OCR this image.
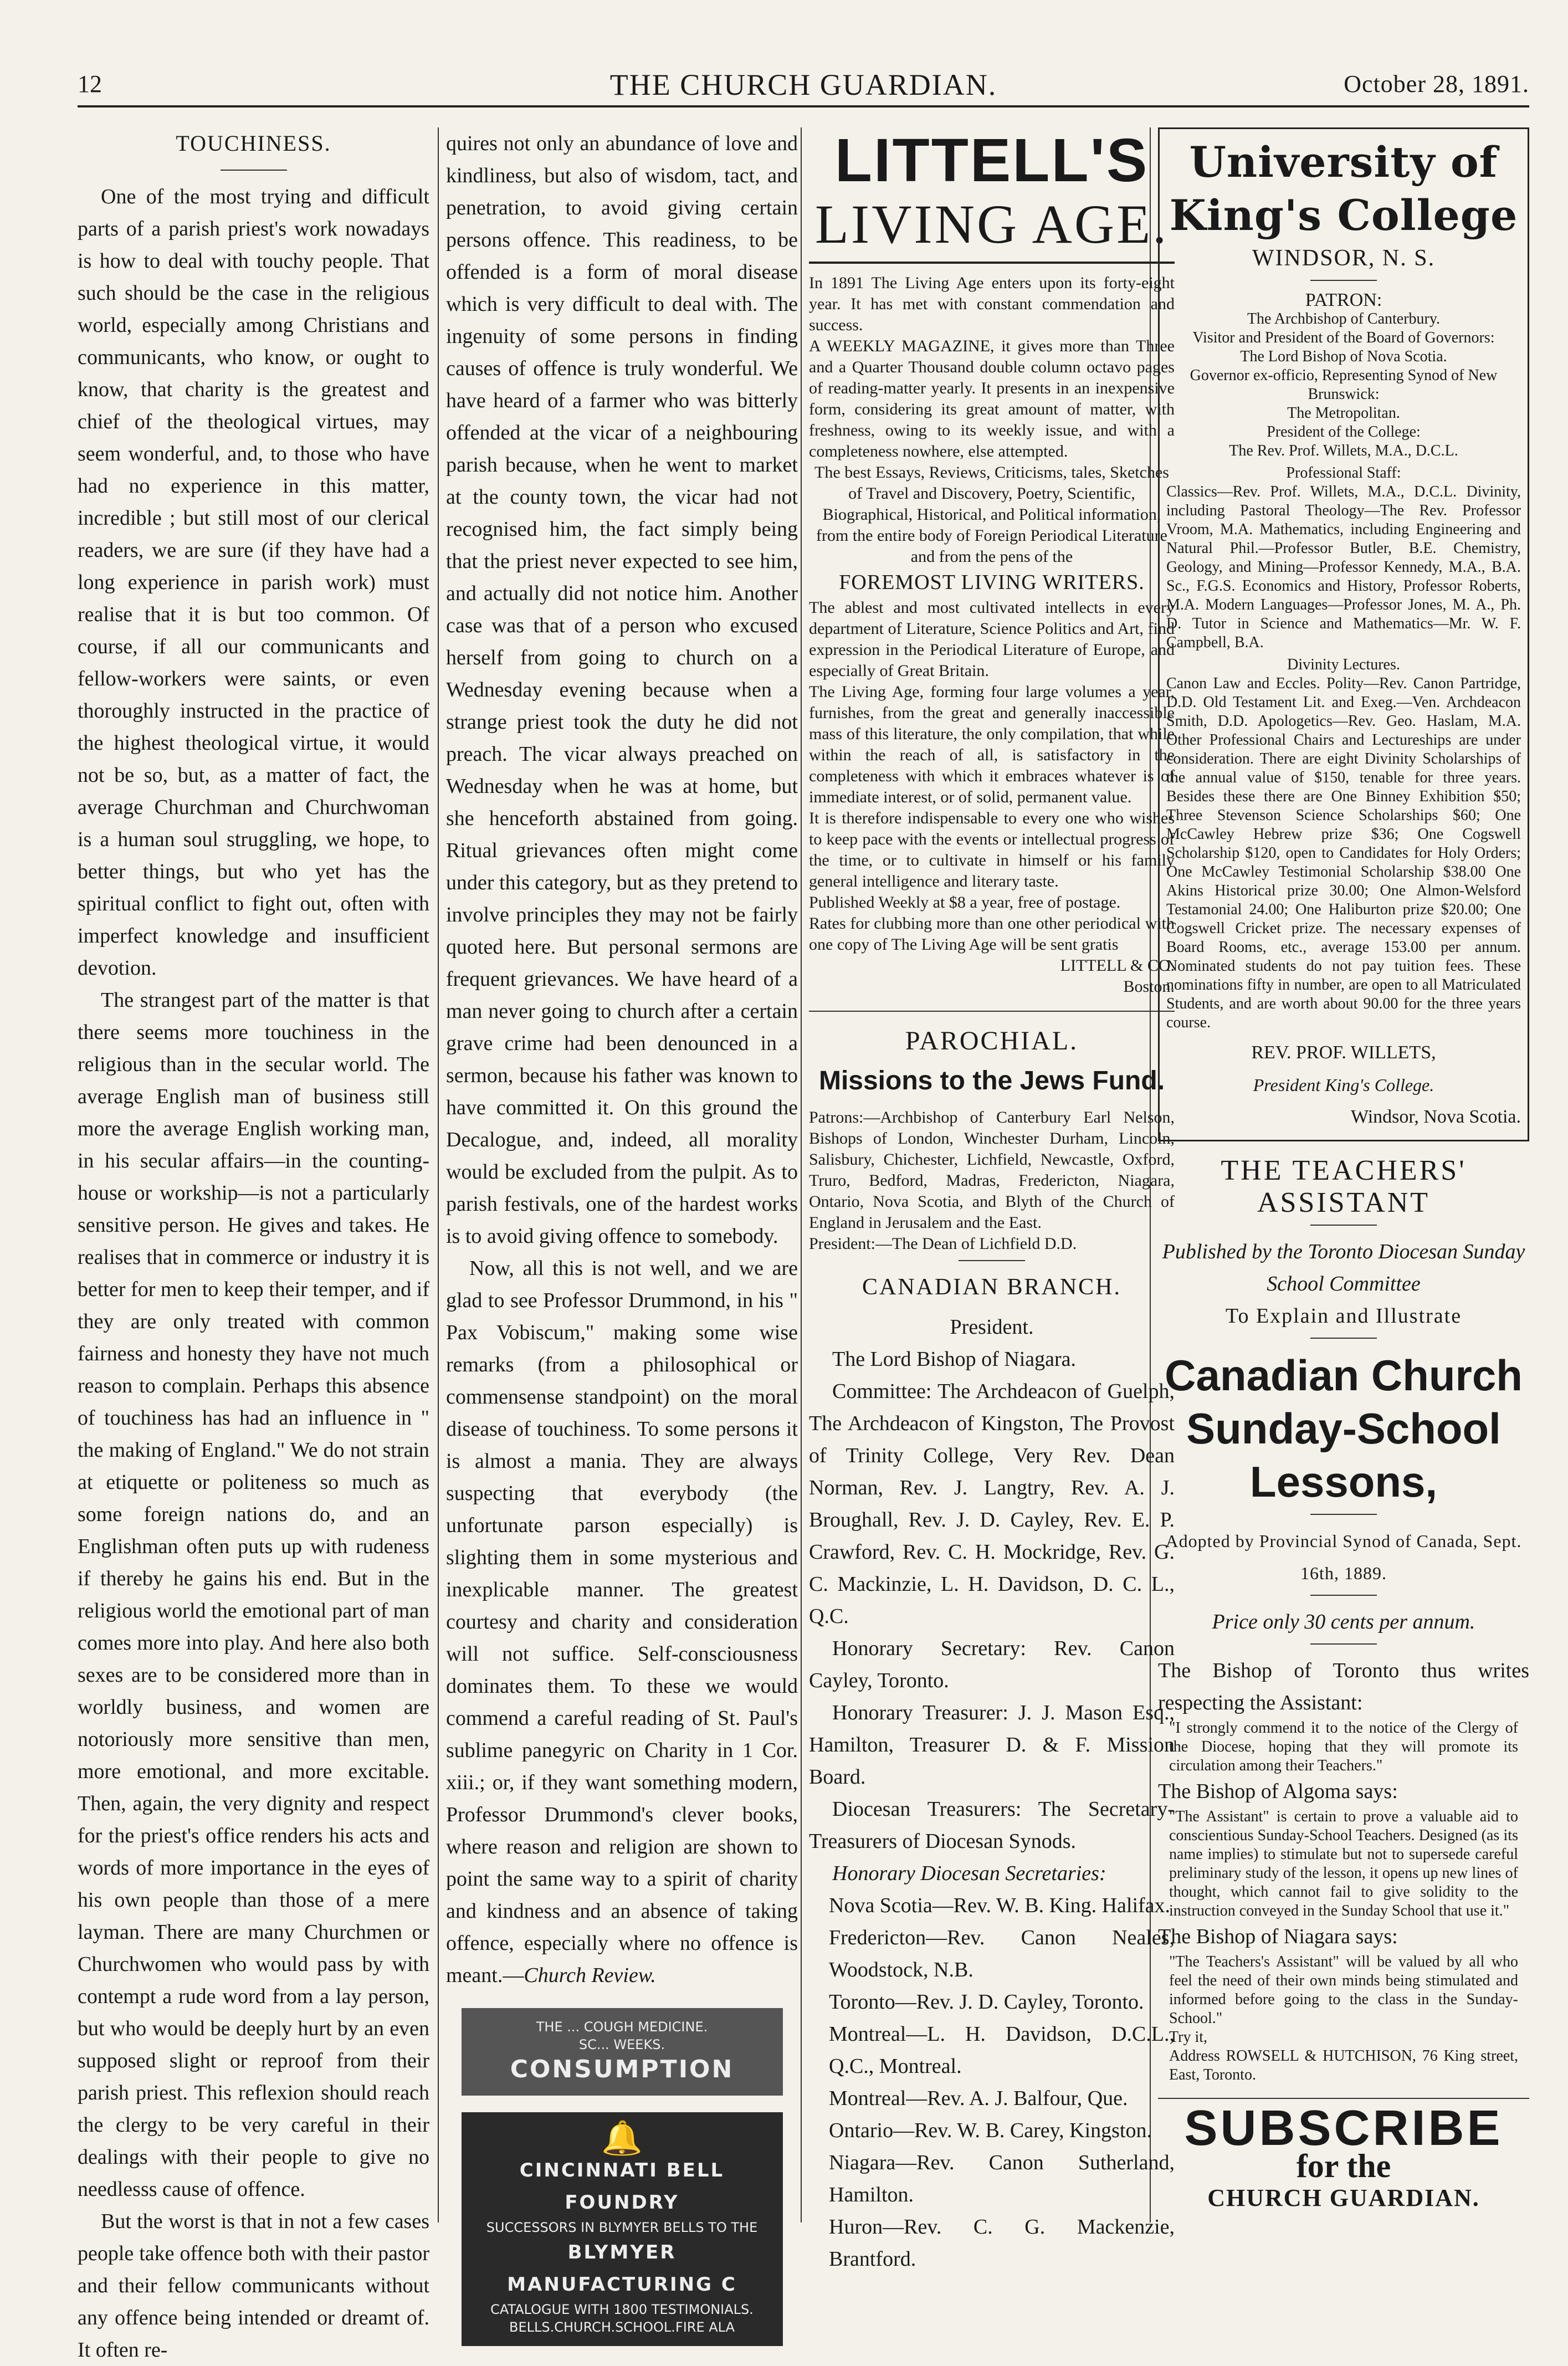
12	THE CHURCH GUARDIAN.	October 28, 1891.
TOUCHINESS.

One of the most trying and difficult parts of a parish priest's work nowadays is how to deal with touchy people. That such should be the case in the religious world, especially among Christians and communicants, who know, or ought to know, that charity is the greatest and chief of the theological virtues, may seem wonderful, and, to those who have had no experience in this matter, incredible ; but still most of our clerical readers, we are sure (if they have had a long experience in parish work) must realise that it is but too common. Of course, if all our communicants and fellow-workers were saints, or even thoroughly instructed in the practice of the highest theological virtue, it would not be so, but, as a matter of fact, the average Churchman and Churchwoman is a human soul struggling, we hope, to better things, but who yet has the spiritual conflict to fight out, often with imperfect knowledge and insufficient devotion.

The strangest part of the matter is that there seems more touchiness in the religious than in the secular world. The average English man of business still more the average English working man, in his secular affairs—in the counting-house or workship—is not a particularly sensitive person. He gives and takes. He realises that in commerce or industry it is better for men to keep their temper, and if they are only treated with common fairness and honesty they have not much reason to complain. Perhaps this absence of touchiness has had an influence in " the making of England." We do not strain at etiquette or politeness so much as some foreign nations do, and an Englishman often puts up with rudeness if thereby he gains his end. But in the religious world the emotional part of man comes more into play. And here also both sexes are to be considered more than in worldly business, and women are notoriously more sensitive than men, more emotional, and more excitable. Then, again, the very dignity and respect for the priest's office renders his acts and words of more importance in the eyes of his own people than those of a mere layman. There are many Churchmen or Churchwomen who would pass by with contempt a rude word from a lay person, but who would be deeply hurt by an even supposed slight or reproof from their parish priest. This reflexion should reach the clergy to be very careful in their dealings with their people to give no needlesss cause of offence.

But the worst is that in not a few cases people take offence both with their pastor and their fellow communicants without any offence being intended or dreamt of. It often re-

quires not only an abundance of love and kindliness, but also of wisdom, tact, and penetration, to avoid giving certain persons offence. This readiness, to be offended is a form of moral disease which is very difficult to deal with. The ingenuity of some persons in finding causes of offence is truly wonderful. We have heard of a farmer who was bitterly offended at the vicar of a neighbouring parish because, when he went to market at the county town, the vicar had not recognised him, the fact simply being that the priest never expected to see him, and actually did not notice him. Another case was that of a person who excused herself from going to church on a Wednesday evening because when a strange priest took the duty he did not preach. The vicar always preached on Wednesday when he was at home, but she henceforth abstained from going. Ritual grievances often might come under this category, but as they pretend to involve principles they may not be fairly quoted here. But personal sermons are frequent grievances. We have heard of a man never going to church after a certain grave crime had been denounced in a sermon, because his father was known to have committed it. On this ground the Decalogue, and, indeed, all morality would be excluded from the pulpit. As to parish festivals, one of the hardest works is to avoid giving offence to somebody.

Now, all this is not well, and we are glad to see Professor Drummond, in his " Pax Vobiscum," making some wise remarks (from a philosophical or commensense standpoint) on the moral disease of touchiness. To some persons it is almost a mania. They are always suspecting that everybody (the unfortunate parson especially) is slighting them in some mysterious and inexplicable manner. The greatest courtesy and charity and consideration will not suffice. Self-consciousness dominates them. To these we would commend a careful reading of St. Paul's sublime panegyric on Charity in 1 Cor. xiii.; or, if they want something modern, Professor Drummond's clever books, where reason and religion are shown to point the same way to a spirit of charity and kindness and an absence of taking offence, especially where no offence is meant.—Church Review.

THE ... COUGH MEDICINE.
SC... WEEKS.
CONSUMPTION
🔔
CINCINNATI BELL FOUNDRY
SUCCESSORS IN BLYMYER BELLS TO THE
BLYMYER MANUFACTURING C
CATALOGUE WITH 1800 TESTIMONIALS.
BELLS.CHURCH.SCHOOL.FIRE ALA
LITTELL'S
LIVING AGE.

In 1891 The Living Age enters upon its forty-eight year. It has met with constant commendation and success.

A WEEKLY MAGAZINE, it gives more than Three and a Quarter Thousand double column octavo pages of reading-matter yearly. It presents in an inexpensive form, considering its great amount of matter, with freshness, owing to its weekly issue, and with a completeness nowhere, else attempted.

The best Essays, Reviews, Criticisms, tales, Sketches of Travel and Discovery, Poetry, Scientific, Biographical, Historical, and Political information, from the entire body of Foreign Periodical Literature and from the pens of the

FOREMOST LIVING WRITERS.

The ablest and most cultivated intellects in every department of Literature, Science Politics and Art, find expression in the Periodical Literature of Europe, and especially of Great Britain.

The Living Age, forming four large volumes a year, furnishes, from the great and generally inaccessible mass of this literature, the only compilation, that while within the reach of all, is satisfactory in the completeness with which it embraces whatever is of immediate interest, or of solid, permanent value.

It is therefore indispensable to every one who wishes to keep pace with the events or intellectual progress of the time, or to cultivate in himself or his family general intelligence and literary taste.

Published Weekly at $8 a year, free of postage.

Rates for clubbing more than one other periodical with one copy of The Living Age will be sent gratis

LITTELL & CO.
Boston.
PAROCHIAL.
Missions to the Jews Fund.

Patrons:—Archbishop of Canterbury Earl Nelson, Bishops of London, Winchester Durham, Lincoln, Salisbury, Chichester, Lichfield, Newcastle, Oxford, Truro, Bedford, Madras, Fredericton, Niagara, Ontario, Nova Scotia, and Blyth of the Church of England in Jerusalem and the East.

President:—The Dean of Lichfield D.D.

CANADIAN BRANCH.
President.

The Lord Bishop of Niagara.

Committee: The Archdeacon of Guelph, The Archdeacon of Kingston, The Provost of Trinity College, Very Rev. Dean Norman, Rev. J. Langtry, Rev. A. J. Broughall, Rev. J. D. Cayley, Rev. E. P. Crawford, Rev. C. H. Mockridge, Rev. G. C. Mackinzie, L. H. Davidson, D. C. L., Q.C.

Honorary Secretary: Rev. Canon Cayley, Toronto.

Honorary Treasurer: J. J. Mason Esq., Hamilton, Treasurer D. & F. Mission Board.

Diocesan Treasurers: The Secretary-Treasurers of Diocesan Synods.

Honorary Diocesan Secretaries:

Nova Scotia—Rev. W. B. King. Halifax.

Fredericton—Rev. Canon Neales, Woodstock, N.B.

Toronto—Rev. J. D. Cayley, Toronto.

Montreal—L. H. Davidson, D.C.L., Q.C., Montreal.

Montreal—Rev. A. J. Balfour, Que.

Ontario—Rev. W. B. Carey, Kingston.

Niagara—Rev. Canon Sutherland, Hamilton.

Huron—Rev. C. G. Mackenzie, Brantford.

University of King's College
WINDSOR, N. S.
PATRON:
The Archbishop of Canterbury.
Visitor and President of the Board of Governors:
The Lord Bishop of Nova Scotia.
Governor ex-officio, Representing Synod of New Brunswick:
The Metropolitan.
President of the College:
The Rev. Prof. Willets, M.A., D.C.L.
Professional Staff:
Classics—Rev. Prof. Willets, M.A., D.C.L. Divinity, including Pastoral Theology—The Rev. Professor Vroom, M.A. Mathematics, including Engineering and Natural Phil.—Professor Butler, B.E. Chemistry, Geology, and Mining—Professor Kennedy, M.A., B.A. Sc., F.G.S. Economics and History, Professor Roberts, M.A. Modern Languages—Professor Jones, M. A., Ph. D. Tutor in Science and Mathematics—Mr. W. F. Campbell, B.A.
Divinity Lectures.
Canon Law and Eccles. Polity—Rev. Canon Partridge, D.D. Old Testament Lit. and Exeg.—Ven. Archdeacon Smith, D.D. Apologetics—Rev. Geo. Haslam, M.A. Other Professional Chairs and Lectureships are under consideration. There are eight Divinity Scholarships of the annual value of $150, tenable for three years. Besides these there are One Binney Exhibition $50; Three Stevenson Science Scholarships $60; One McCawley Hebrew prize $36; One Cogswell Scholarship $120, open to Candidates for Holy Orders; One McCawley Testimonial Scholarship $38.00 One Akins Historical prize 30.00; One Almon-Welsford Testamonial 24.00; One Haliburton prize $20.00; One Cogswell Cricket prize. The necessary expenses of Board Rooms, etc., average 153.00 per annum. Nominated students do not pay tuition fees. These nominations fifty in number, are open to all Matriculated Students, and are worth about 90.00 for the three years course.
REV. PROF. WILLETS,
President King's College.
Windsor, Nova Scotia.
THE TEACHERS' ASSISTANT
Published by the Toronto Diocesan Sunday School Committee
To Explain and Illustrate
Canadian Church Sunday-School Lessons,
Adopted by Provincial Synod of Canada, Sept. 16th, 1889.
Price only 30 cents per annum.

The Bishop of Toronto thus writes respecting the Assistant:

"I strongly commend it to the notice of the Clergy of the Diocese, hoping that they will promote its circulation among their Teachers."

The Bishop of Algoma says:

"The Assistant" is certain to prove a valuable aid to conscientious Sunday-School Teachers. Designed (as its name implies) to stimulate but not to supersede careful preliminary study of the lesson, it opens up new lines of thought, which cannot fail to give solidity to the instruction conveyed in the Sunday School that use it."

The Bishop of Niagara says:

"The Teachers's Assistant" will be valued by all who feel the need of their own minds being stimulated and informed before going to the class in the Sunday-School."

Try it,

Address ROWSELL & HUTCHISON, 76 King street, East, Toronto.

SUBSCRIBE for the
CHURCH GUARDIAN.
